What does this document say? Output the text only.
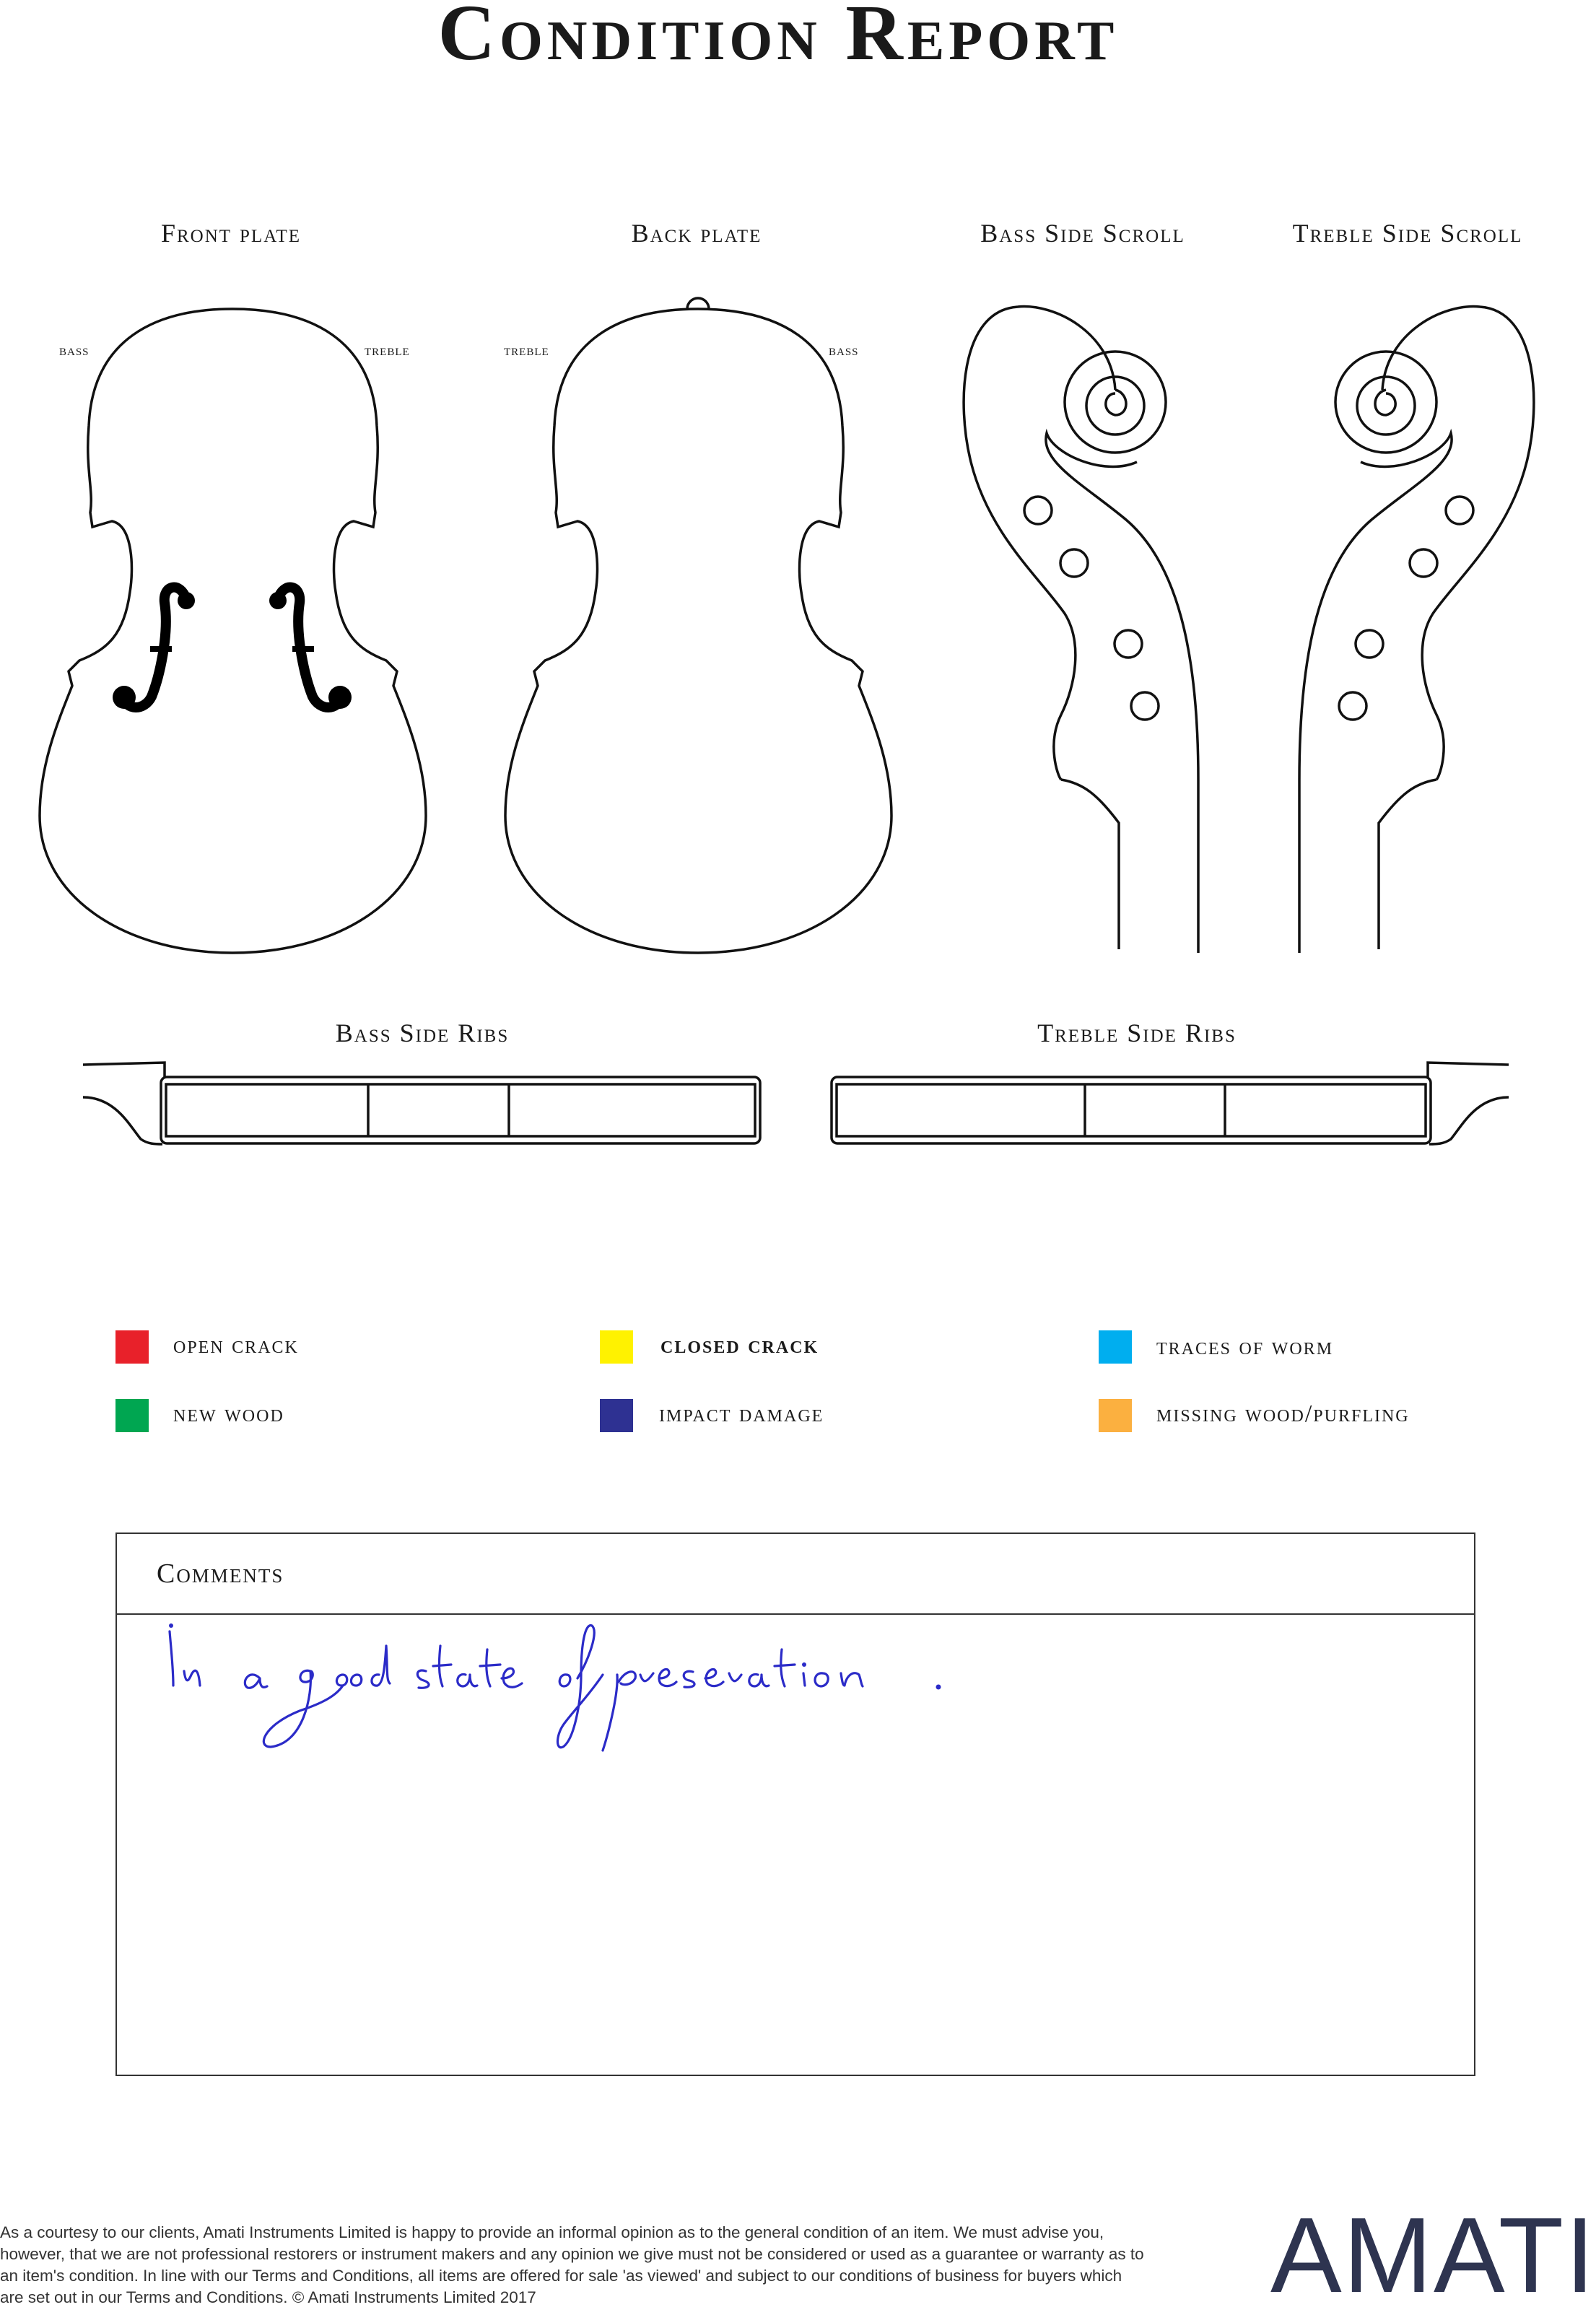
Condition Report
Front plate	Back plate	Bass Side Scroll	Treble Side Scroll
bass	treble	treble	bass
Bass Side Ribs	Treble Side Ribs
open crack	closed crack	traces of worm
new wood	impact damage	missing wood/purfling
Comments
As a courtesy to our clients, Amati Instruments Limited is happy to provide an informal opinion as to the general condition of an item. We must advise you, however, that we are not professional restorers or instrument makers and any opinion we give must not be considered or used as a guarantee or warranty as to an item's condition. In line with our Terms and Conditions, all items are offered for sale 'as viewed' and subject to our conditions of business for buyers which are set out in our Terms and Conditions. © Amati Instruments Limited 2017	AMATI
